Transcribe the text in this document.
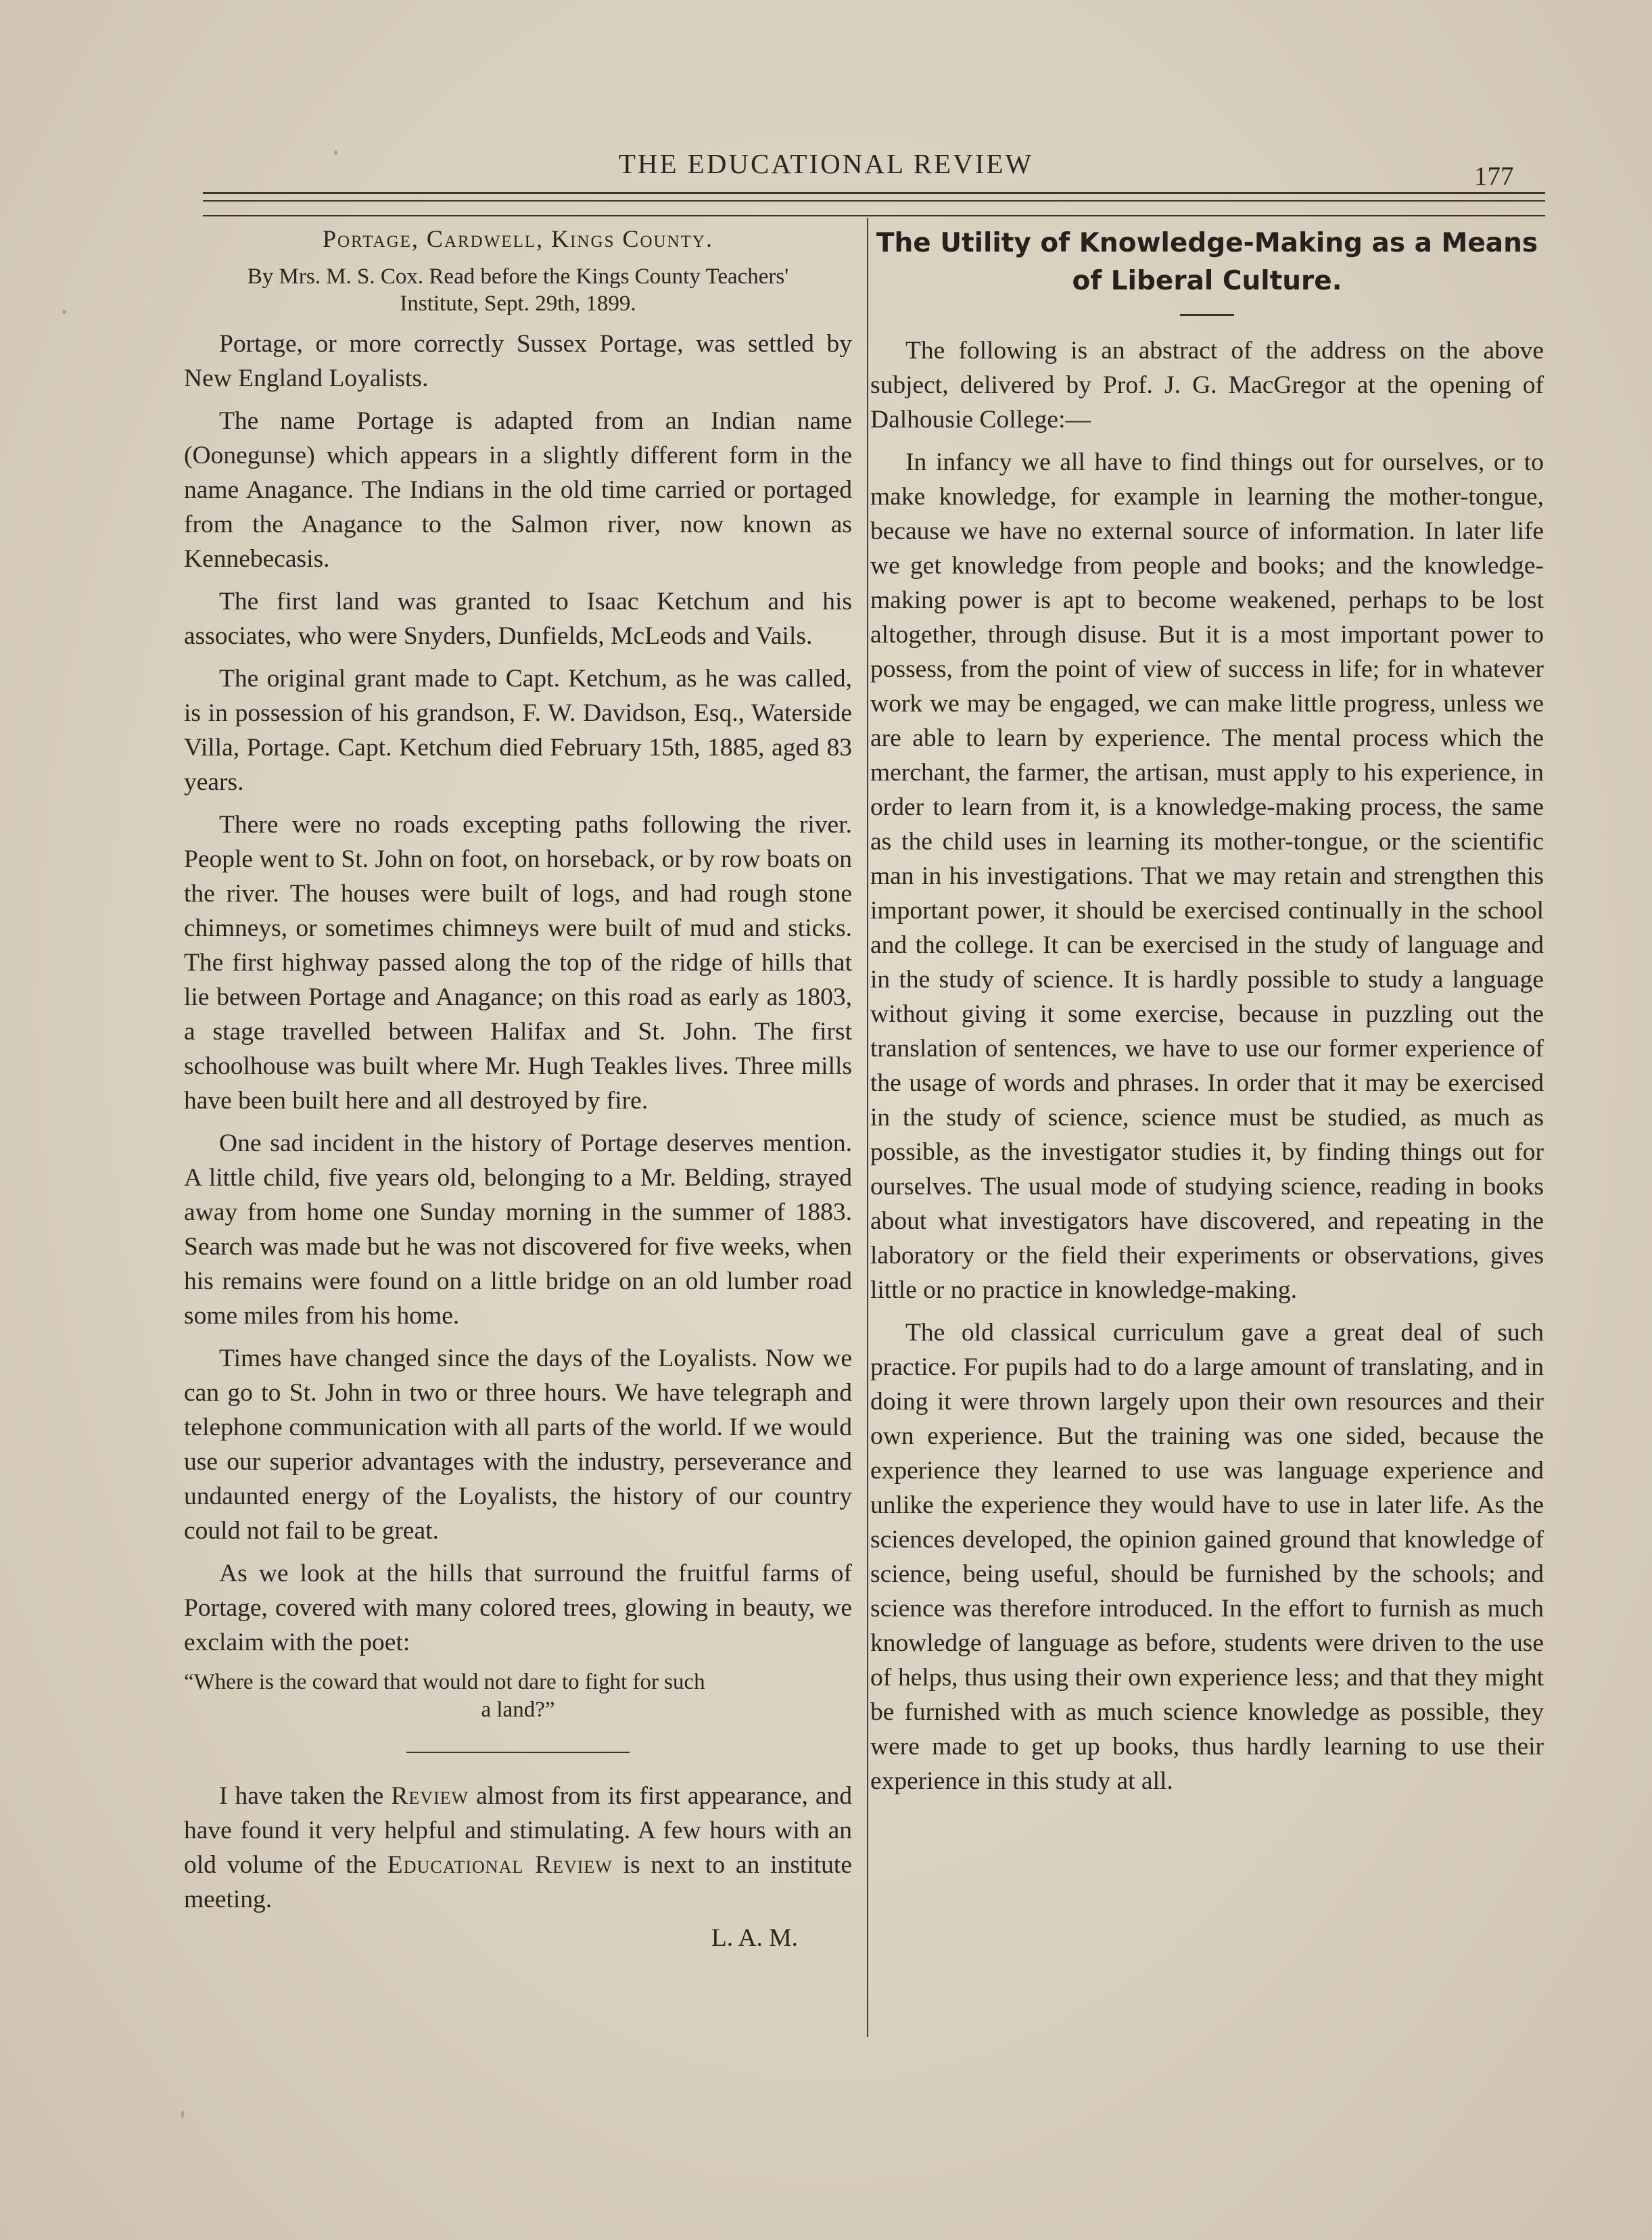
THE EDUCATIONAL REVIEW	177
Portage, Cardwell, Kings County.
By Mrs. M. S. Cox. Read before the Kings County Teachers'
Institute, Sept. 29th, 1899.

Portage, or more correctly Sussex Portage, was settled by New England Loyalists.

The name Portage is adapted from an Indian name (Oonegunse) which appears in a slightly different form in the name Anagance. The Indians in the old time carried or portaged from the Anagance to the Salmon river, now known as Kennebecasis.

The first land was granted to Isaac Ketchum and his associates, who were Snyders, Dunfields, McLeods and Vails.

The original grant made to Capt. Ketchum, as he was called, is in possession of his grandson, F. W. Davidson, Esq., Waterside Villa, Portage. Capt. Ketchum died February 15th, 1885, aged 83 years.

There were no roads excepting paths following the river. People went to St. John on foot, on horseback, or by row boats on the river. The houses were built of logs, and had rough stone chimneys, or sometimes chimneys were built of mud and sticks. The first highway passed along the top of the ridge of hills that lie between Portage and Anagance; on this road as early as 1803, a stage travelled between Halifax and St. John. The first schoolhouse was built where Mr. Hugh Teakles lives. Three mills have been built here and all destroyed by fire.

One sad incident in the history of Portage deserves mention. A little child, five years old, belonging to a Mr. Belding, strayed away from home one Sunday morning in the summer of 1883. Search was made but he was not discovered for five weeks, when his remains were found on a little bridge on an old lumber road some miles from his home.

Times have changed since the days of the Loyalists. Now we can go to St. John in two or three hours. We have telegraph and telephone communication with all parts of the world. If we would use our superior advantages with the industry, perseverance and undaunted energy of the Loyalists, the history of our country could not fail to be great.

As we look at the hills that surround the fruitful farms of Portage, covered with many colored trees, glowing in beauty, we exclaim with the poet:

“Where is the coward that would not dare to fight for such

a land?”

I have taken the Review almost from its first appearance, and have found it very helpful and stimulating. A few hours with an old volume of the Educational Review is next to an institute meeting.

L. A. M.

The Utility of Knowledge-Making as a Means of Liberal Culture.

The following is an abstract of the address on the above subject, delivered by Prof. J. G. MacGregor at the opening of Dalhousie College:—

In infancy we all have to find things out for ourselves, or to make knowledge, for example in learning the mother-tongue, because we have no external source of information. In later life we get knowledge from people and books; and the knowledge-making power is apt to become weakened, perhaps to be lost altogether, through disuse. But it is a most important power to possess, from the point of view of success in life; for in whatever work we may be engaged, we can make little progress, unless we are able to learn by experience. The mental process which the merchant, the farmer, the artisan, must apply to his experience, in order to learn from it, is a knowledge-making process, the same as the child uses in learning its mother-tongue, or the scientific man in his investigations. That we may retain and strengthen this important power, it should be exercised continually in the school and the college. It can be exercised in the study of language and in the study of science. It is hardly possible to study a language without giving it some exercise, because in puzzling out the translation of sentences, we have to use our former experience of the usage of words and phrases. In order that it may be exercised in the study of science, science must be studied, as much as possible, as the investigator studies it, by finding things out for ourselves. The usual mode of studying science, reading in books about what investigators have discovered, and repeating in the laboratory or the field their experiments or observations, gives little or no practice in knowledge-making.

The old classical curriculum gave a great deal of such practice. For pupils had to do a large amount of translating, and in doing it were thrown largely upon their own resources and their own experience. But the training was one sided, because the experience they learned to use was language experience and unlike the experience they would have to use in later life. As the sciences developed, the opinion gained ground that knowledge of science, being useful, should be furnished by the schools; and science was therefore introduced. In the effort to furnish as much knowledge of language as before, students were driven to the use of helps, thus using their own experience less; and that they might be furnished with as much science knowledge as possible, they were made to get up books, thus hardly learning to use their experience in this study at all.
